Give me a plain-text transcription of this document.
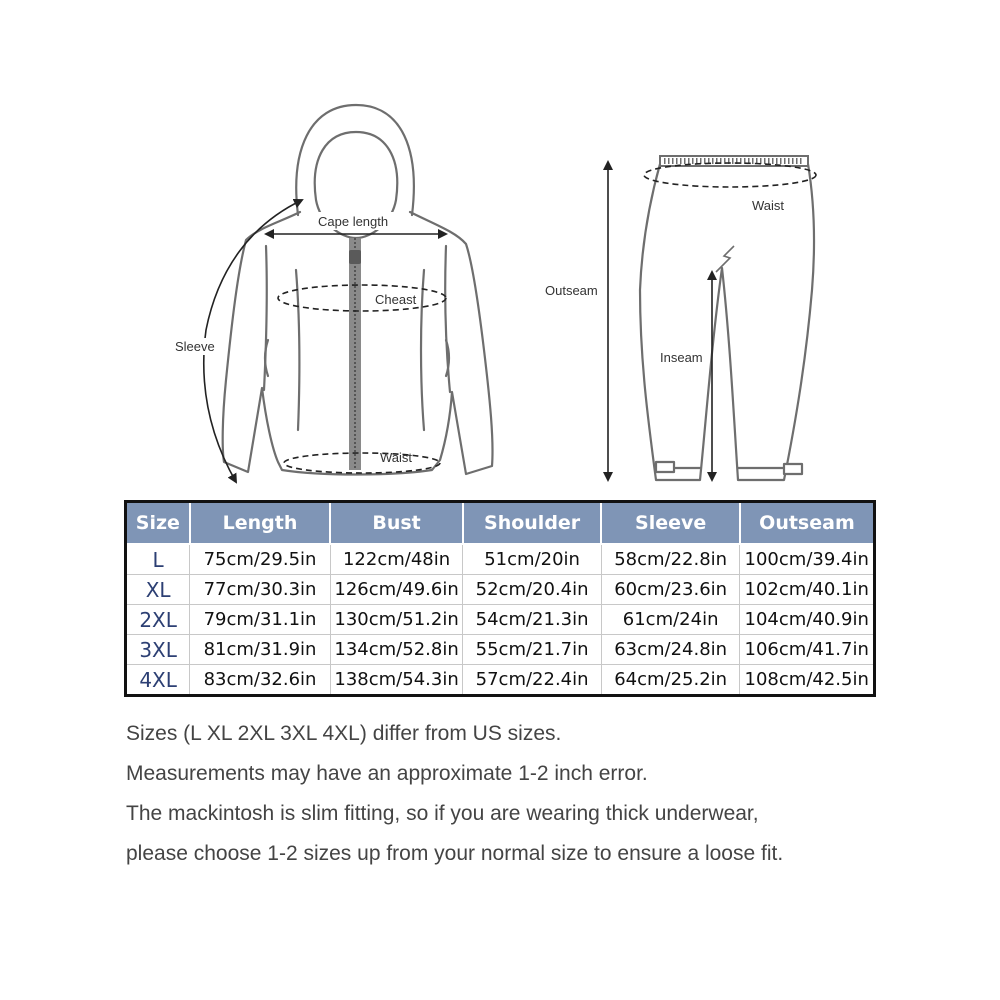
Cape length
Cheast
Sleeve
Waist
Waist
Outseam
Inseam
Size	Length	Bust	Shoulder	Sleeve	Outseam
L	75cm/29.5in	122cm/48in	51cm/20in	58cm/22.8in	100cm/39.4in
XL	77cm/30.3in	126cm/49.6in	52cm/20.4in	60cm/23.6in	102cm/40.1in
2XL	79cm/31.1in	130cm/51.2in	54cm/21.3in	61cm/24in	104cm/40.9in
3XL	81cm/31.9in	134cm/52.8in	55cm/21.7in	63cm/24.8in	106cm/41.7in
4XL	83cm/32.6in	138cm/54.3in	57cm/22.4in	64cm/25.2in	108cm/42.5in

Sizes (L XL 2XL 3XL 4XL) differ from US sizes.

Measurements may have an approximate 1-2 inch error.

The mackintosh is slim fitting, so if you are wearing thick underwear,

please choose 1-2 sizes up from your normal size to ensure a loose fit.
